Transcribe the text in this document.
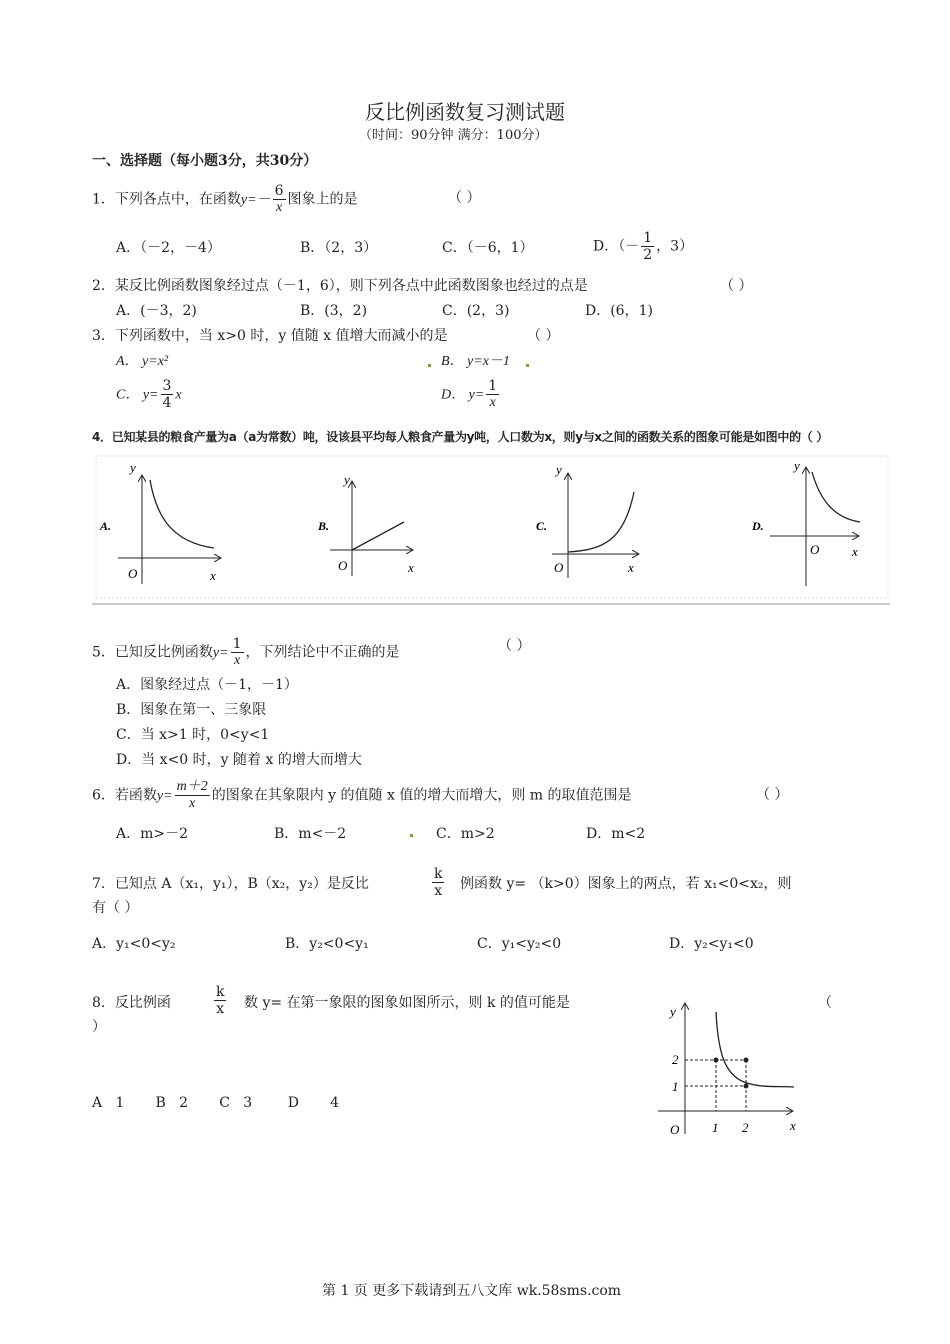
反比例函数复习测试题
（时间：90分钟 满分：100分）
一、选择题（每小题3分，共30分）
1．下列各点中，在函数$y=- \frac{6}{x}$ 图象上的是	（ ）
A．（－2，－4）	B．（2，3）	C．（－6，1）	D．（－ $\frac{1}{2}$ ，3）
2．某反比例函数图象经过点（－1，6），则下列各点中此函数图象也经过的点是	（ ）
A．(－3，2)	B．(3，2)	C．(2，3)	D．(6，1)
3．下列函数中，当 x>0 时，y 值随 x 值增大而减小的是	（ ）
A． y=x²	B． y=x－1
C． $y= \frac{3}{4}$ x	D． $y= \frac{1}{x}$
4．已知某县的粮食产量为a（a为常数）吨，设该县平均每人粮食产量为y吨，人口数为x，则y与x之间的函数关系的图象可能是如图中的（ ）
A.
y
x
O
B.
y
x
O
C.
y
x
O
D.
y
x
O
5．已知反比例函数$y= \frac{1}{x}$ ，下列结论中不正确的是	（ ）
A．图象经过点（－1，－1）
B．图象在第一、三象限
C．当 x>1 时，0<y<1
D．当 x<0 时，y 随着 x 的增大而增大
6．若函数$y= \frac{m+2}{x}$ 的图象在其象限内 y 的值随 x 值的增大而增大，则 m 的取值范围是	（ ）
A．m>－2	B．m<－2	C．m>2	D．m<2
7．已知点 A（x₁，y₁），B（x₂，y₂）是反比	$\frac{k}{x}$ 例函数 y= （k>0）图象上的两点，若 x₁<0<x₂，则
有（ ）
A．y₁<0<y₂	B．y₂<0<y₁	C．y₁<y₂<0	D．y₂<y₁<0
8．反比例函	$\frac{k}{x}$ 数 y= 在第一象限的图象如图所示，则 k 的值可能是	（
）
A   1       B   2       C   3        D       4
y
x
O
2
1
1 2
第 1 页 更多下载请到五八文库 wk.58sms.com
